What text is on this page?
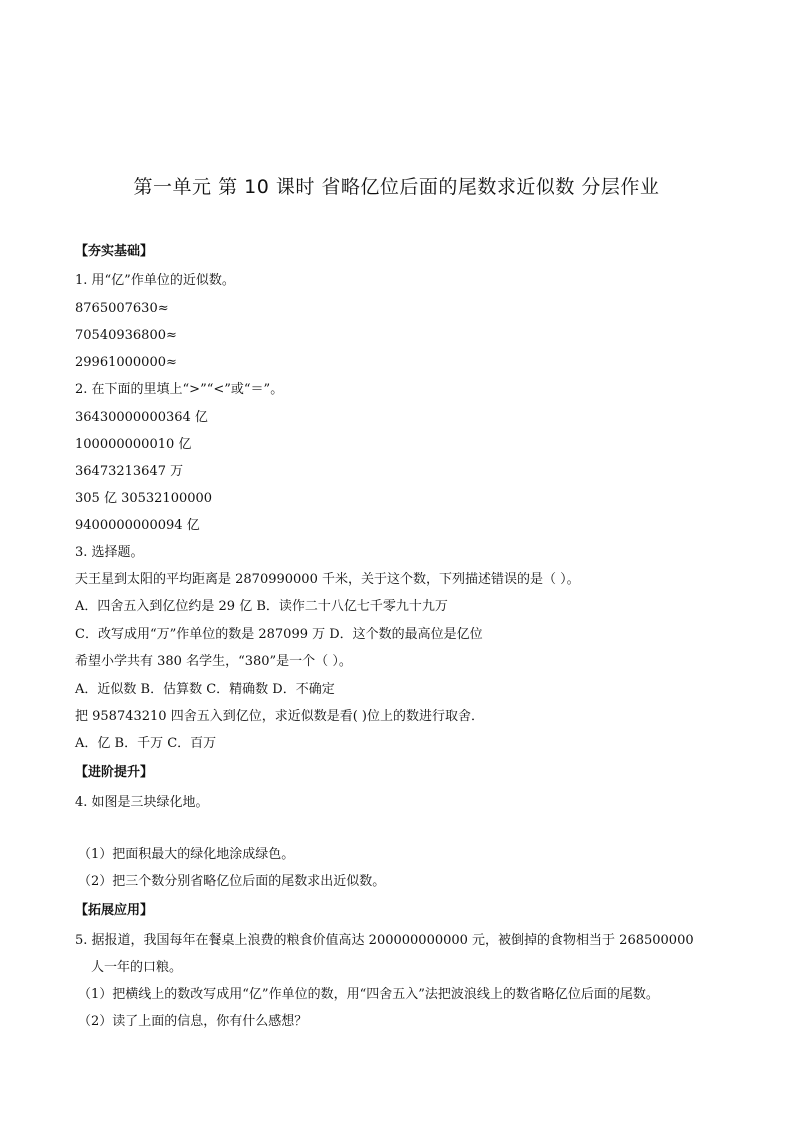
第一单元 第 10 课时 省略亿位后面的尾数求近似数 分层作业
【夯实基础】
1. 用“亿”作单位的近似数。
8765007630≈
70540936800≈
29961000000≈
2. 在下面的里填上“>”“<”或“＝”。
36430000000364 亿
100000000010 亿
36473213647 万
305 亿 30532100000
9400000000094 亿
3. 选择题。
天王星到太阳的平均距离是 2870990000 千米，关于这个数，下列描述错误的是（ ）。
A．四舍五入到亿位约是 29 亿 B．读作二十八亿七千零九十九万
C．改写成用“万”作单位的数是 287099 万 D．这个数的最高位是亿位
希望小学共有 380 名学生，“380”是一个（ ）。
A．近似数 B．估算数 C．精确数 D．不确定
把 958743210 四舍五入到亿位，求近似数是看( )位上的数进行取舍．
A．亿 B．千万 C．百万
【进阶提升】
4. 如图是三块绿化地。
（1）把面积最大的绿化地涂成绿色。
（2）把三个数分别省略亿位后面的尾数求出近似数。
【拓展应用】
5. 据报道，我国每年在餐桌上浪费的粮食价值高达 200000000000 元，被倒掉的食物相当于 268500000
人一年的口粮。
（1）把横线上的数改写成用“亿”作单位的数，用“四舍五入”法把波浪线上的数省略亿位后面的尾数。
（2）读了上面的信息，你有什么感想？
